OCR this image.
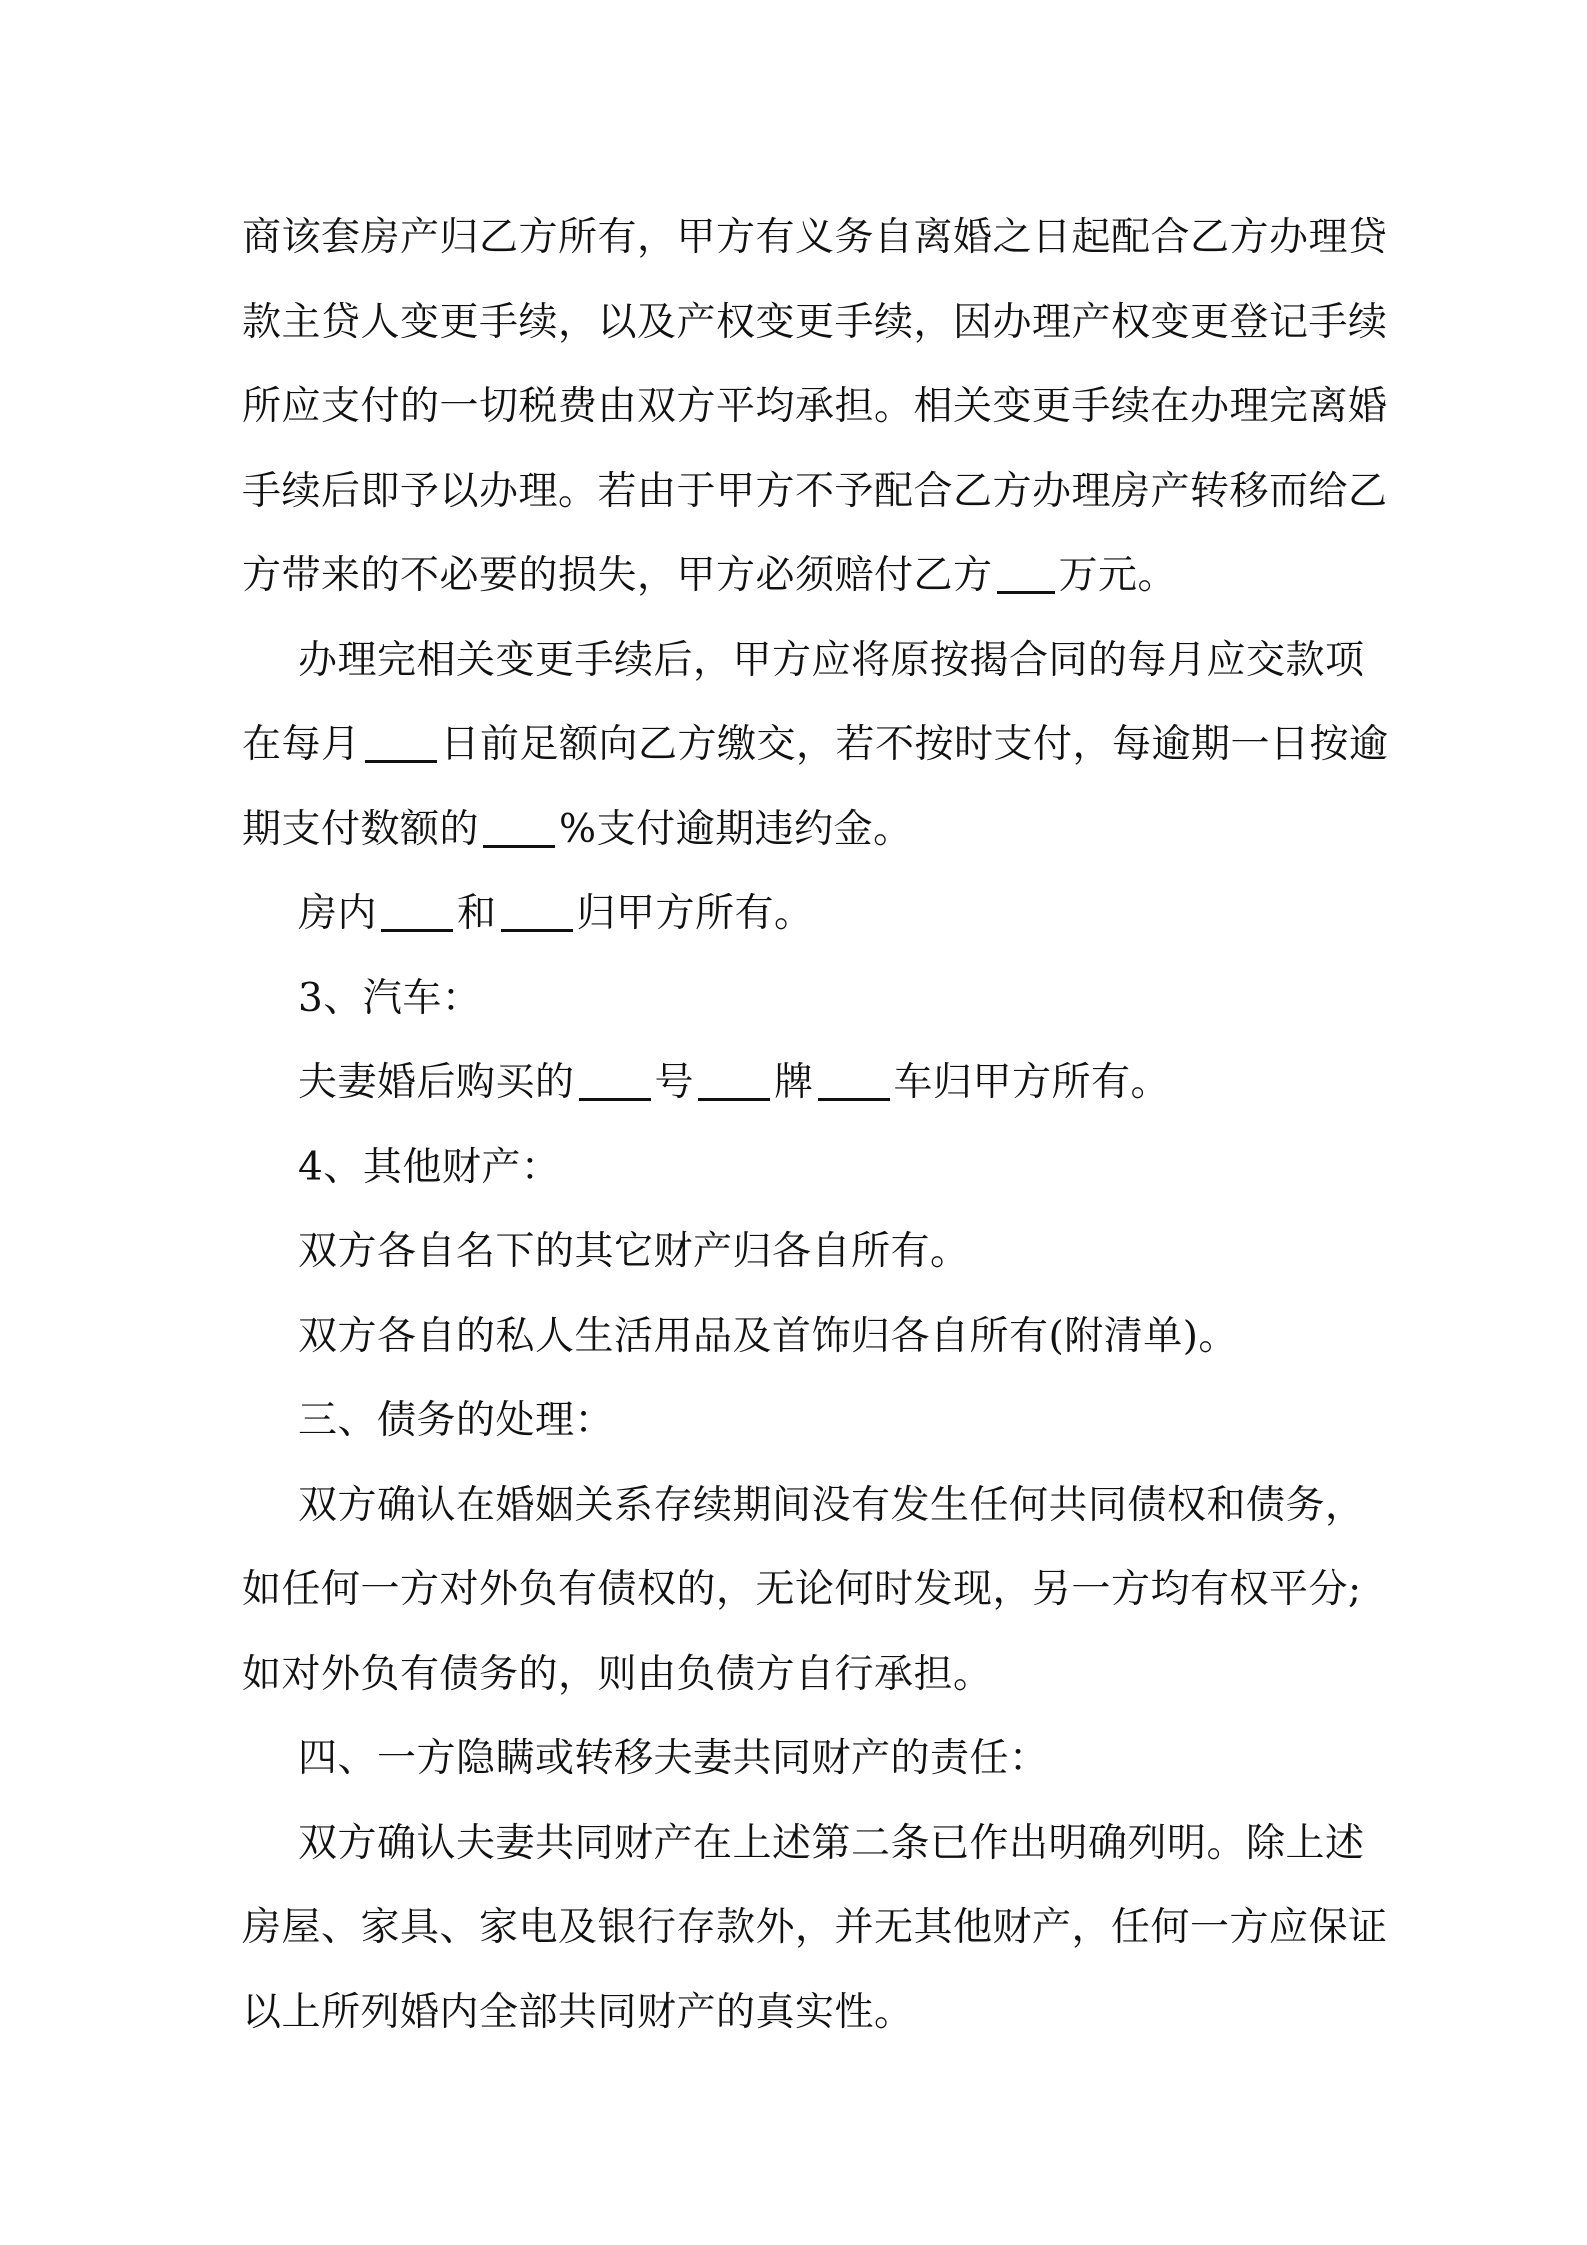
商该套房产归乙方所有，甲方有义务自离婚之日起配合乙方办理贷

款主贷人变更手续，以及产权变更手续，因办理产权变更登记手续

所应支付的一切税费由双方平均承担。相关变更手续在办理完离婚

手续后即予以办理。若由于甲方不予配合乙方办理房产转移而给乙

方带来的不必要的损失，甲方必须赔付乙方 万元。

办理完相关变更手续后，甲方应将原按揭合同的每月应交款项

在每月 日前足额向乙方缴交，若不按时支付，每逾期一日按逾

期支付数额的 %支付逾期违约金。

房内 和 归甲方所有。

3、汽车：

夫妻婚后购买的 号 牌 车归甲方所有。

4、其他财产：

双方各自名下的其它财产归各自所有。

双方各自的私人生活用品及首饰归各自所有(附清单)。

三、债务的处理：

双方确认在婚姻关系存续期间没有发生任何共同债权和债务，

如任何一方对外负有债权的，无论何时发现，另一方均有权平分;

如对外负有债务的，则由负债方自行承担。

四、一方隐瞒或转移夫妻共同财产的责任：

双方确认夫妻共同财产在上述第二条已作出明确列明。除上述

房屋、家具、家电及银行存款外，并无其他财产，任何一方应保证

以上所列婚内全部共同财产的真实性。
